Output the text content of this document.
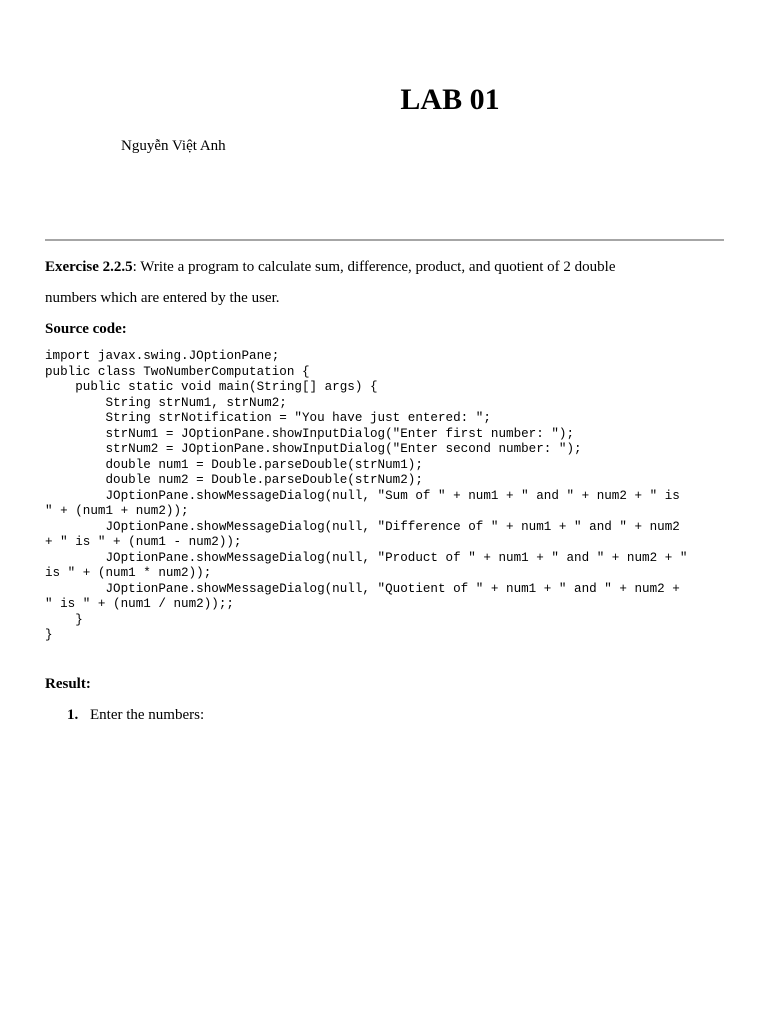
LAB 01
Nguyễn Việt Anh
Exercise 2.2.5: Write a program to calculate sum, difference, product, and quotient of 2 double
numbers which are entered by the user.
Source code:
import javax.swing.JOptionPane;
public class TwoNumberComputation {
public static void main(String[] args) {
String strNum1, strNum2;
String strNotification = "You have just entered: ";
strNum1 = JOptionPane.showInputDialog("Enter first number: ");
strNum2 = JOptionPane.showInputDialog("Enter second number: ");
double num1 = Double.parseDouble(strNum1);
double num2 = Double.parseDouble(strNum2);
JOptionPane.showMessageDialog(null, "Sum of " + num1 + " and " + num2 + " is
" + (num1 + num2));
JOptionPane.showMessageDialog(null, "Difference of " + num1 + " and " + num2
+ " is " + (num1 - num2));
JOptionPane.showMessageDialog(null, "Product of " + num1 + " and " + num2 + "
is " + (num1 * num2));
JOptionPane.showMessageDialog(null, "Quotient of " + num1 + " and " + num2 +
" is " + (num1 / num2));;
}
}
Result:
1. Enter the numbers:
